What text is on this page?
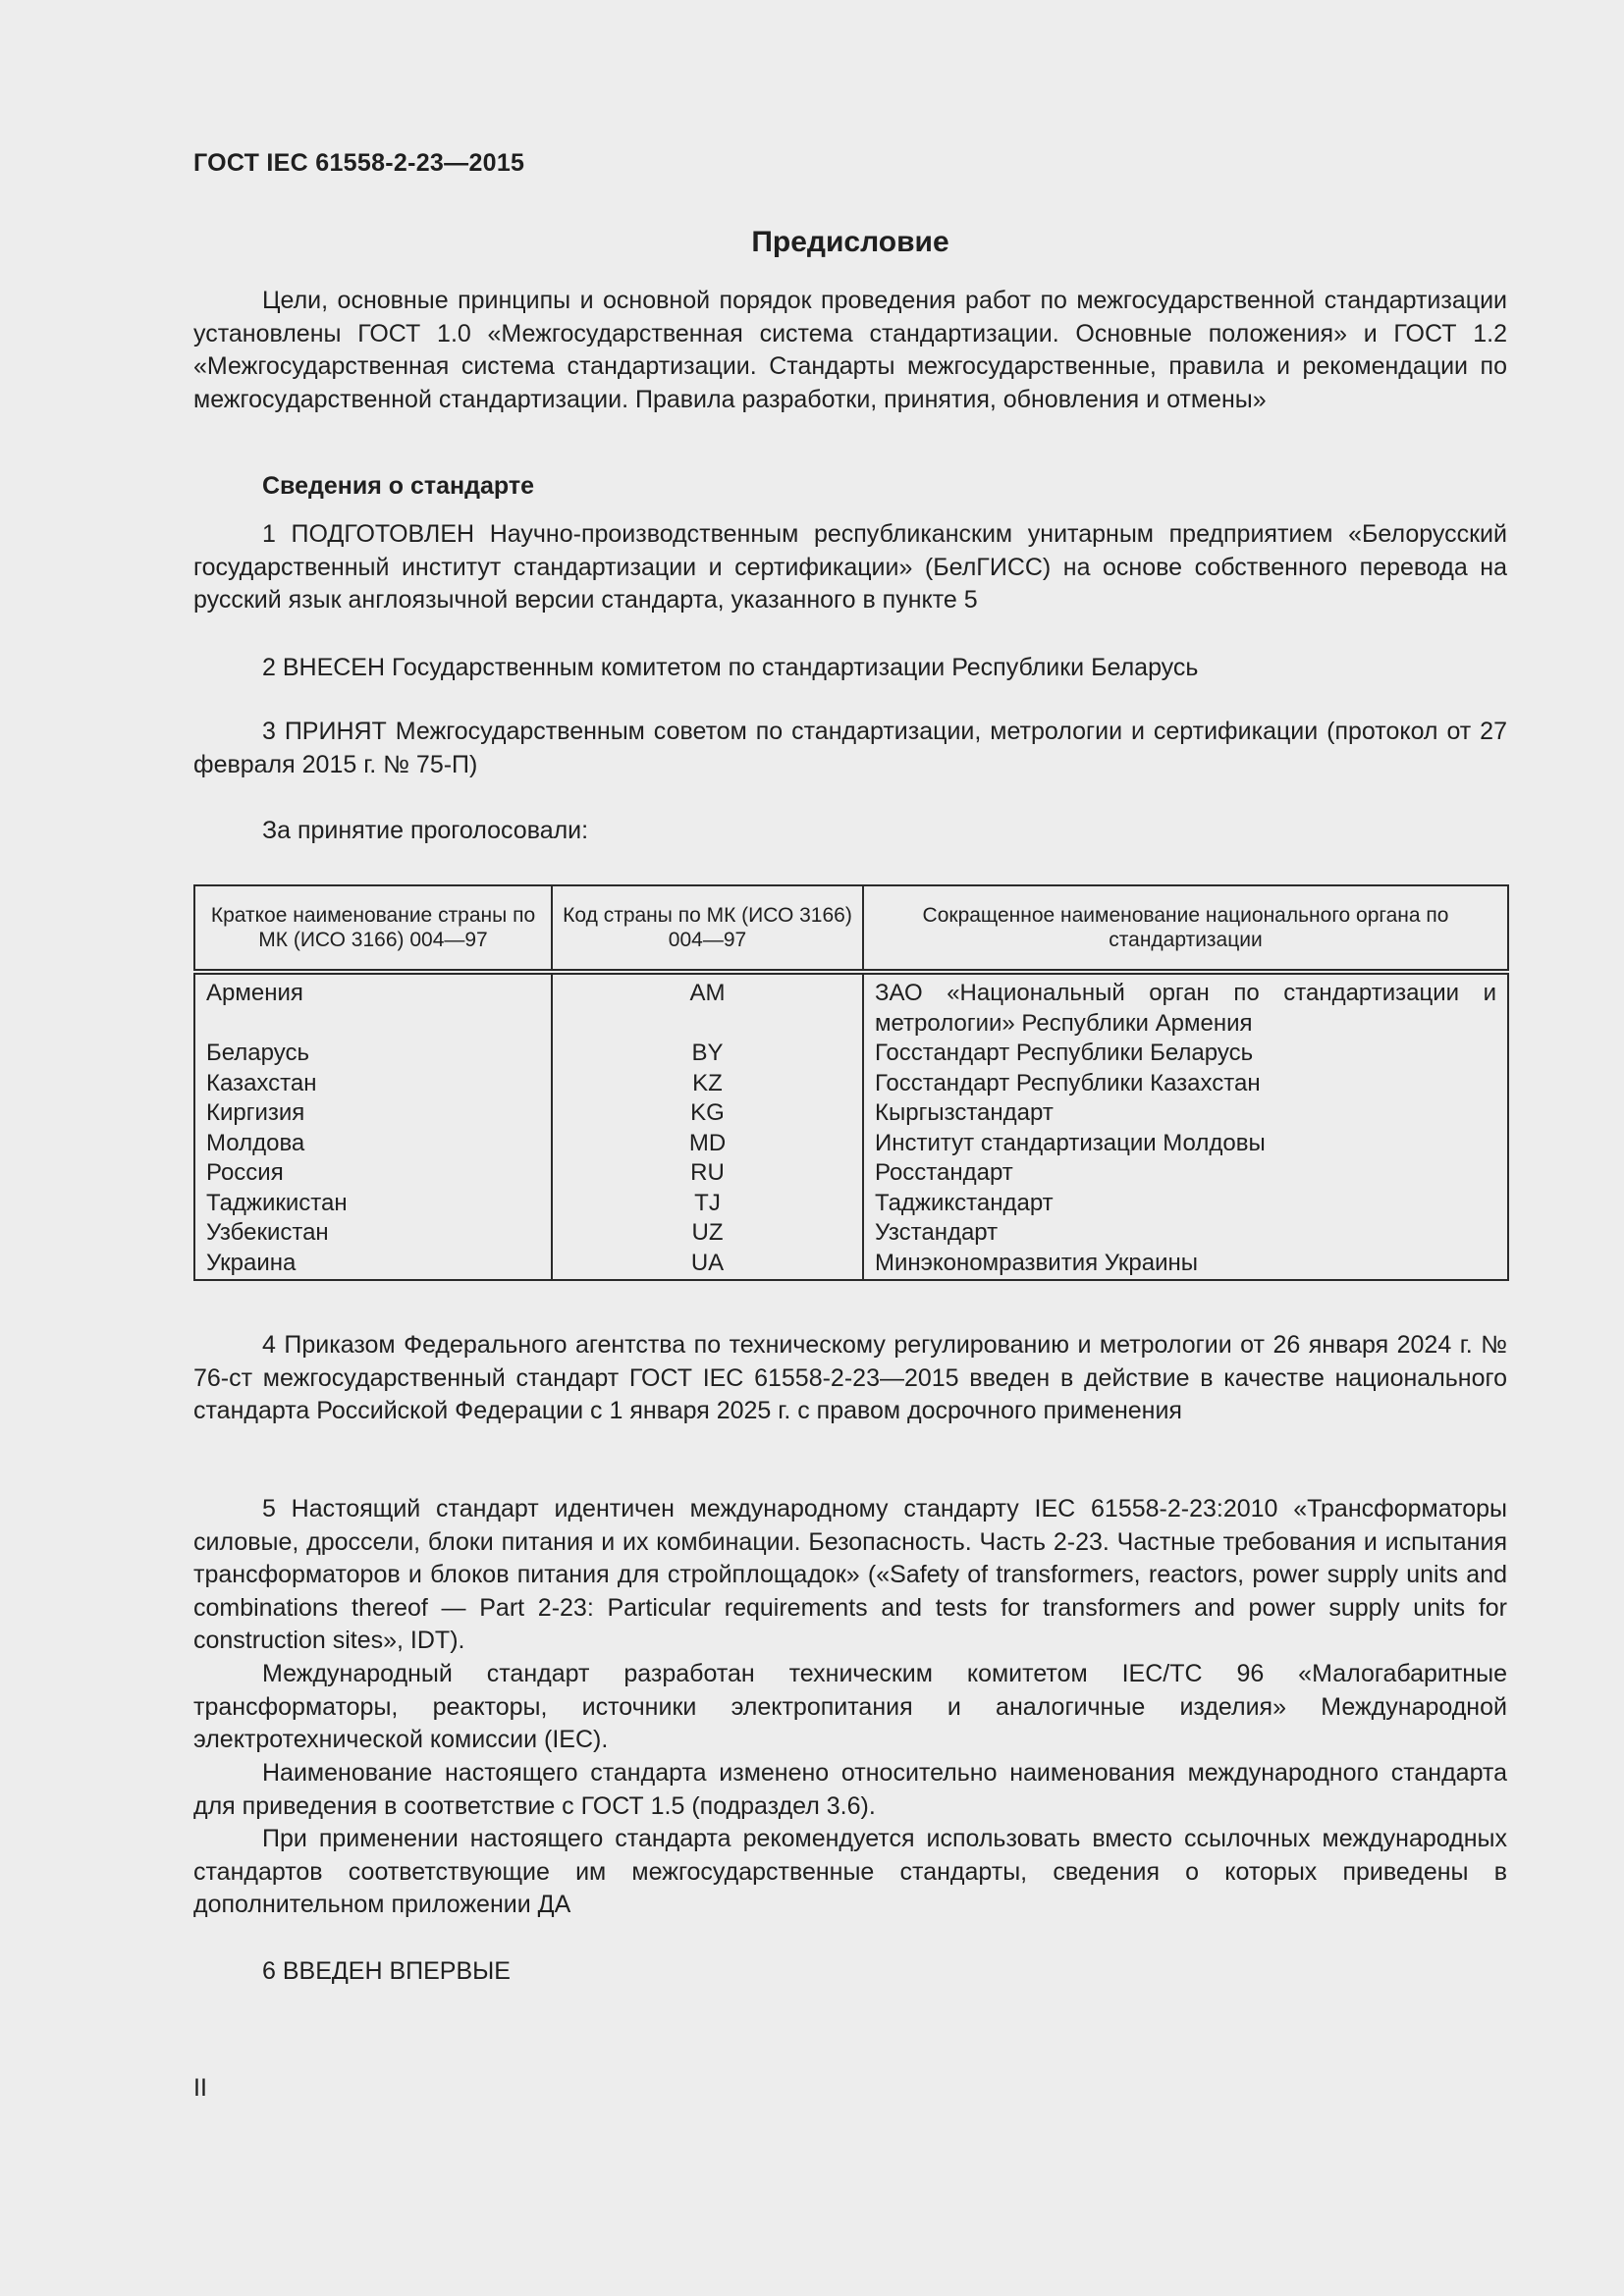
ГОСТ IEC 61558-2-23—2015
Предисловие
Цели, основные принципы и основной порядок проведения работ по межгосударственной стандартизации установлены ГОСТ 1.0 «Межгосударственная система стандартизации. Основные положения» и ГОСТ 1.2 «Межгосударственная система стандартизации. Стандарты межгосударственные, правила и рекомендации по межгосударственной стандартизации. Правила разработки, принятия, обновления и отмены»
Сведения о стандарте
1 ПОДГОТОВЛЕН Научно-производственным республиканским унитарным предприятием «Белорусский государственный институт стандартизации и сертификации» (БелГИСС) на основе собственного перевода на русский язык англоязычной версии стандарта, указанного в пункте 5
2 ВНЕСЕН Государственным комитетом по стандартизации Республики Беларусь
3 ПРИНЯТ Межгосударственным советом по стандартизации, метрологии и сертификации (протокол от 27 февраля 2015 г. № 75-П)
За принятие проголосовали:
Краткое наименование страны по МК (ИСО 3166) 004—97	Код страны по МК (ИСО 3166) 004—97	Сокращенное наименование национального органа по стандартизации
Армения	AM	ЗАО «Национальный орган по стандартизации и метрологии» Республики Армения
Беларусь	BY	Госстандарт Республики Беларусь
Казахстан	KZ	Госстандарт Республики Казахстан
Киргизия	KG	Кыргызстандарт
Молдова	MD	Институт стандартизации Молдовы
Россия	RU	Росстандарт
Таджикистан	TJ	Таджикстандарт
Узбекистан	UZ	Узстандарт
Украина	UA	Минэкономразвития Украины
4 Приказом Федерального агентства по техническому регулированию и метрологии от 26 января 2024 г. № 76-ст межгосударственный стандарт ГОСТ IEC 61558-2-23—2015 введен в действие в качестве национального стандарта Российской Федерации с 1 января 2025 г. с правом досрочного применения
5 Настоящий стандарт идентичен международному стандарту IEC 61558-2-23:2010 «Трансформаторы силовые, дроссели, блоки питания и их комбинации. Безопасность. Часть 2-23. Частные требования и испытания трансформаторов и блоков питания для стройплощадок» («Safety of transformers, reactors, power supply units and combinations thereof — Part 2-23: Particular requirements and tests for transformers and power supply units for construction sites», IDT).
Международный стандарт разработан техническим комитетом IEC/TC 96 «Малогабаритные трансформаторы, реакторы, источники электропитания и аналогичные изделия» Международной электротехнической комиссии (IEC).
Наименование настоящего стандарта изменено относительно наименования международного стандарта для приведения в соответствие с ГОСТ 1.5 (подраздел 3.6).
При применении настоящего стандарта рекомендуется использовать вместо ссылочных международных стандартов соответствующие им межгосударственные стандарты, сведения о которых приведены в дополнительном приложении ДА
6 ВВЕДЕН ВПЕРВЫЕ
II
